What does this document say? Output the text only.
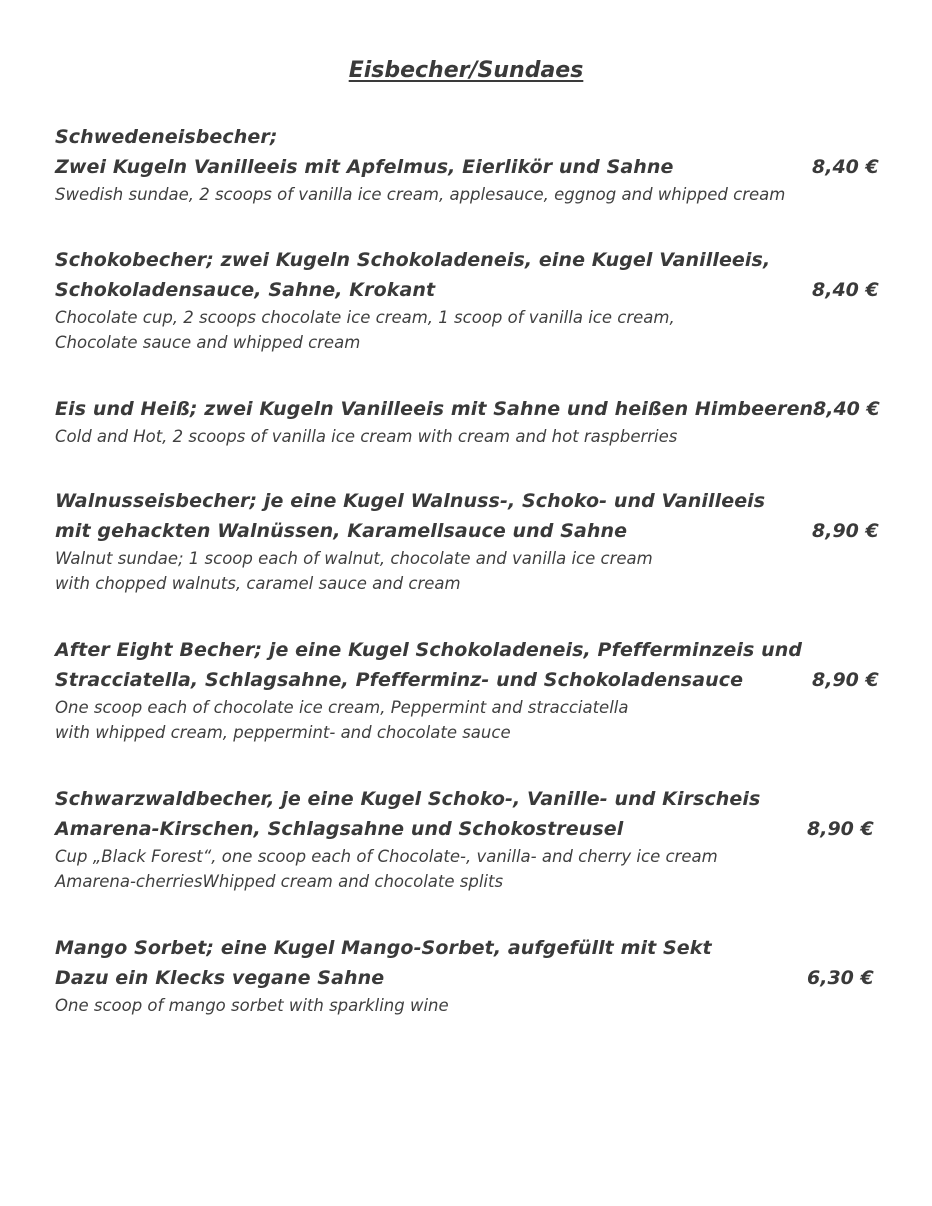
Eisbecher/Sundaes
Schwedeneisbecher;
Zwei Kugeln Vanilleeis mit Apfelmus, Eierlikör und Sahne
Swedish sundae, 2 scoops of vanilla ice cream, applesauce, eggnog and whipped cream
8,40 €
Schokobecher; zwei Kugeln Schokoladeneis, eine Kugel Vanilleeis,
Schokoladensauce, Sahne, Krokant
Chocolate cup, 2 scoops chocolate ice cream, 1 scoop of vanilla ice cream,
Chocolate sauce and whipped cream
8,40 €
Eis und Heiß; zwei Kugeln Vanilleeis mit Sahne und heißen Himbeeren
Cold and Hot, 2 scoops of vanilla ice cream with cream and hot raspberries
8,40 €
Walnusseisbecher; je eine Kugel Walnuss-, Schoko- und Vanilleeis
mit gehackten Walnüssen, Karamellsauce und Sahne
Walnut sundae; 1 scoop each of walnut, chocolate and vanilla ice cream
with chopped walnuts, caramel sauce and cream
8,90 €
After Eight Becher; je eine Kugel Schokoladeneis, Pfefferminzeis und
Stracciatella, Schlagsahne, Pfefferminz- und Schokoladensauce
One scoop each of chocolate ice cream, Peppermint and stracciatella
with whipped cream, peppermint- and chocolate sauce
8,90 €
Schwarzwaldbecher, je eine Kugel Schoko-, Vanille- und Kirscheis
Amarena-Kirschen, Schlagsahne und Schokostreusel
Cup „Black Forest“, one scoop each of Chocolate-, vanilla- and cherry ice cream
Amarena-cherriesWhipped cream and chocolate splits
8,90 €
Mango Sorbet; eine Kugel Mango-Sorbet, aufgefüllt mit Sekt
Dazu ein Klecks vegane Sahne
One scoop of mango sorbet with sparkling wine
6,30 €
